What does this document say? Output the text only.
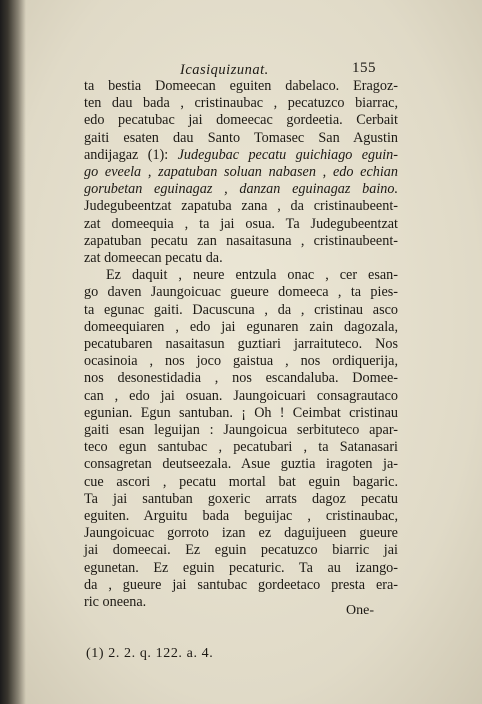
Icasiquizunat.	155
ta bestia Domeecan eguiten dabelaco. Eragoz-
ten dau bada , cristinaubac , pecatuzco biarrac,
edo pecatubac jai domeecac gordeetia. Cerbait
gaiti esaten dau Santo Tomasec San Agustin
andijagaz (1): Judegubac pecatu guichiago eguin-
go eveela , zapatuban soluan nabasen , edo echian
gorubetan eguinagaz , danzan eguinagaz baino.
Judegubeentzat zapatuba zana , da cristinaubeent-
zat domeequia , ta jai osua. Ta Judegubeentzat
zapatuban pecatu zan nasaitasuna , cristinaubeent-
zat domeecan pecatu da.
Ez daquit , neure entzula onac , cer esan-
go daven Jaungoicuac gueure domeeca , ta pies-
ta egunac gaiti. Dacuscuna , da , cristinau asco
domeequiaren , edo jai egunaren zain dagozala,
pecatubaren nasaitasun guztiari jarraituteco. Nos
ocasinoia , nos joco gaistua , nos ordiquerija,
nos desonestidadia , nos escandaluba. Domee-
can , edo jai osuan. Jaungoicuari consagrautaco
egunian. Egun santuban. ¡ Oh ! Ceimbat cristinau
gaiti esan leguijan : Jaungoicua serbituteco apar-
teco egun santubac , pecatubari , ta Satanasari
consagretan deutseezala. Asue guztia iragoten ja-
cue ascori , pecatu mortal bat eguin bagaric.
Ta jai santuban goxeric arrats dagoz pecatu
eguiten. Arguitu bada beguijac , cristinaubac,
Jaungoicuac gorroto izan ez daguijueen gueure
jai domeecai. Ez eguin pecatuzco biarric jai
egunetan. Ez eguin pecaturic. Ta au izango-
da , gueure jai santubac gordeetaco presta era-
ric oneena.
One-
(1) 2. 2. q. 122. a. 4.
